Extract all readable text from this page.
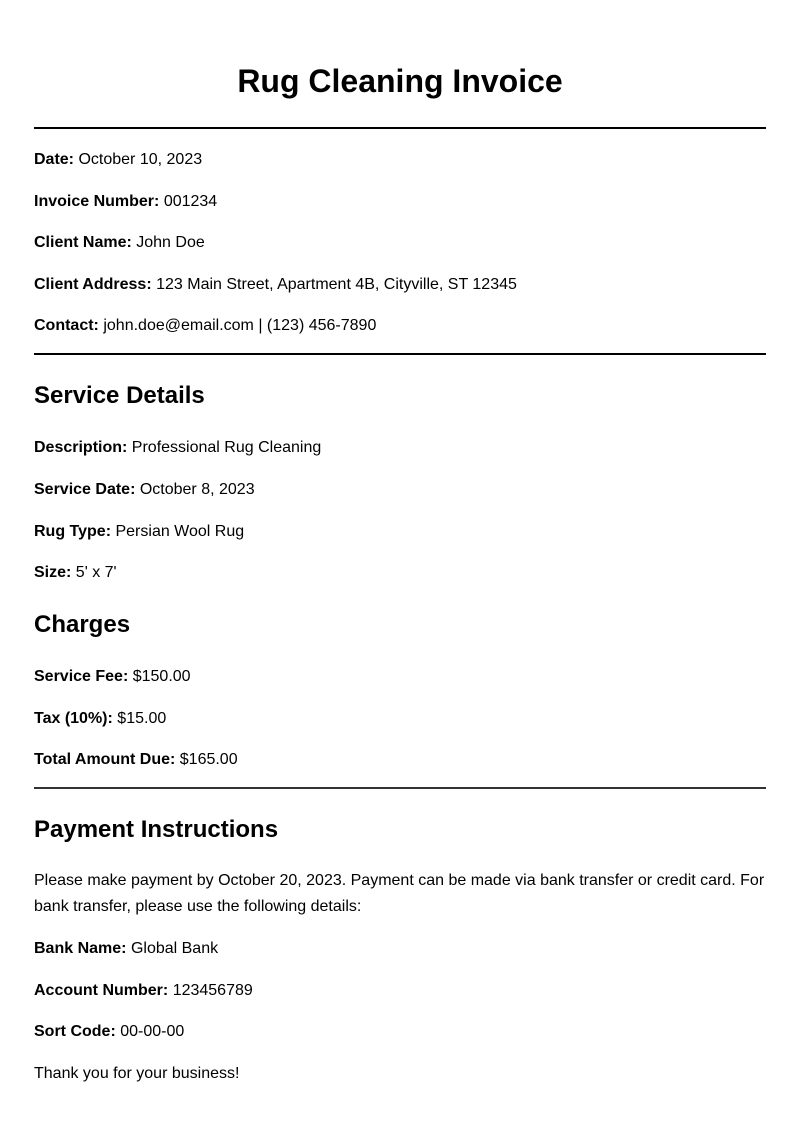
Rug Cleaning Invoice
Date: October 10, 2023
Invoice Number: 001234
Client Name: John Doe
Client Address: 123 Main Street, Apartment 4B, Cityville, ST 12345
Contact: john.doe@email.com | (123) 456-7890
Service Details
Description: Professional Rug Cleaning
Service Date: October 8, 2023
Rug Type: Persian Wool Rug
Size: 5' x 7'
Charges
Service Fee: $150.00
Tax (10%): $15.00
Total Amount Due: $165.00
Payment Instructions

Please make payment by October 20, 2023. Payment can be made via bank transfer or credit card. For bank transfer, please use the following details:

Bank Name: Global Bank
Account Number: 123456789
Sort Code: 00-00-00
Thank you for your business!
